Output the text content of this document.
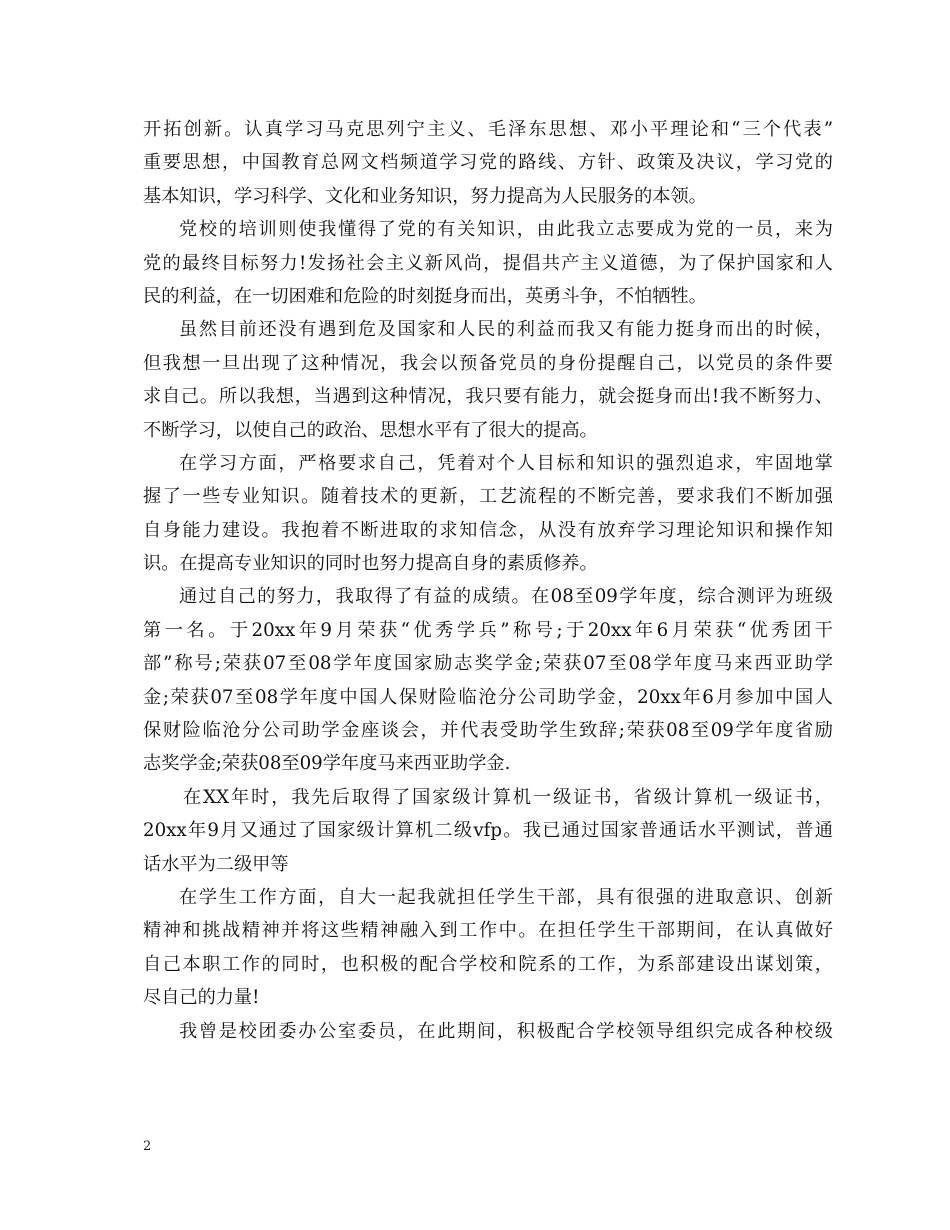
开拓创新。认真学习马克思列宁主义、毛泽东思想、邓小平理论和“三个代表”
重要思想，中国教育总网文档频道学习党的路线、方针、政策及决议，学习党的
基本知识，学习科学、文化和业务知识，努力提高为人民服务的本领。
党校的培训则使我懂得了党的有关知识，由此我立志要成为党的一员，来为
党的最终目标努力!发扬社会主义新风尚，提倡共产主义道德，为了保护国家和人
民的利益，在一切困难和危险的时刻挺身而出，英勇斗争，不怕牺牲。
虽然目前还没有遇到危及国家和人民的利益而我又有能力挺身而出的时候，
但我想一旦出现了这种情况，我会以预备党员的身份提醒自己，以党员的条件要
求自己。所以我想，当遇到这种情况，我只要有能力，就会挺身而出!我不断努力、
不断学习，以使自己的政治、思想水平有了很大的提高。
在学习方面，严格要求自己，凭着对个人目标和知识的强烈追求，牢固地掌
握了一些专业知识。随着技术的更新，工艺流程的不断完善，要求我们不断加强
自身能力建设。我抱着不断进取的求知信念，从没有放弃学习理论知识和操作知
识。在提高专业知识的同时也努力提高自身的素质修养。
通过自己的努力，我取得了有益的成绩。在08至09学年度，综合测评为班级
第一名。于20xx年9月荣获“优秀学兵”称号;于20xx年6月荣获“优秀团干
部”称号;荣获07至08学年度国家励志奖学金;荣获07至08学年度马来西亚助学
金;荣获07至08学年度中国人保财险临沧分公司助学金，20xx年6月参加中国人
保财险临沧分公司助学金座谈会，并代表受助学生致辞;荣获08至09学年度省励
志奖学金;荣获08至09学年度马来西亚助学金.
在XX年时，我先后取得了国家级计算机一级证书，省级计算机一级证书，
20xx年9月又通过了国家级计算机二级vfp。我已通过国家普通话水平测试，普通
话水平为二级甲等
在学生工作方面，自大一起我就担任学生干部，具有很强的进取意识、创新
精神和挑战精神并将这些精神融入到工作中。在担任学生干部期间，在认真做好
自己本职工作的同时，也积极的配合学校和院系的工作，为系部建设出谋划策，
尽自己的力量!
我曾是校团委办公室委员，在此期间，积极配合学校领导组织完成各种校级
2
